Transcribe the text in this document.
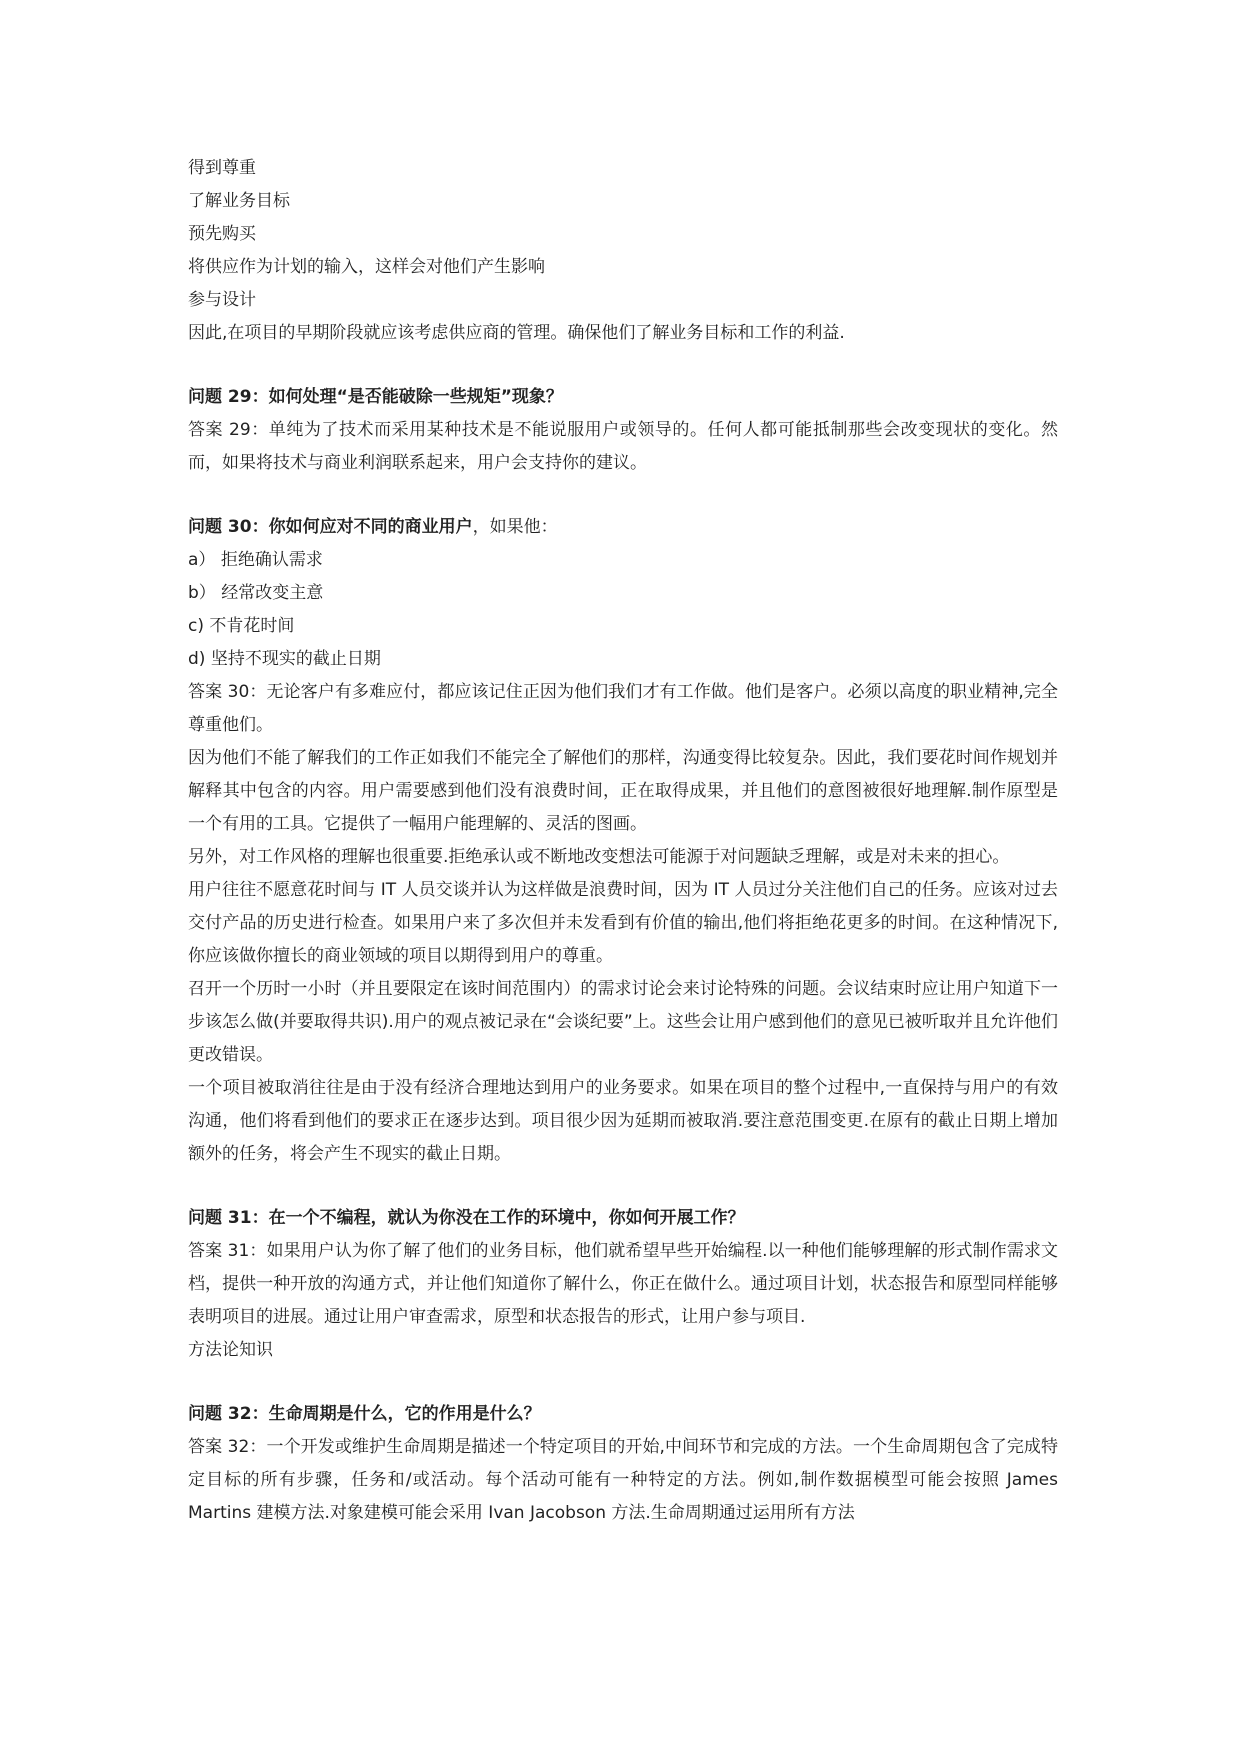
得到尊重

了解业务目标

预先购买

将供应作为计划的输入，这样会对他们产生影响

参与设计

因此,在项目的早期阶段就应该考虑供应商的管理。确保他们了解业务目标和工作的利益.

问题 29：如何处理“是否能破除一些规矩”现象？

答案 29：单纯为了技术而采用某种技术是不能说服用户或领导的。任何人都可能抵制那些会改变现状的变化。然而，如果将技术与商业利润联系起来，用户会支持你的建议。

问题 30：你如何应对不同的商业用户，如果他：

a） 拒绝确认需求

b） 经常改变主意

c) 不肯花时间

d) 坚持不现实的截止日期

答案 30：无论客户有多难应付，都应该记住正因为他们我们才有工作做。他们是客户。必须以高度的职业精神,完全尊重他们。

因为他们不能了解我们的工作正如我们不能完全了解他们的那样，沟通变得比较复杂。因此，我们要花时间作规划并解释其中包含的内容。用户需要感到他们没有浪费时间，正在取得成果，并且他们的意图被很好地理解.制作原型是一个有用的工具。它提供了一幅用户能理解的、灵活的图画。

另外，对工作风格的理解也很重要.拒绝承认或不断地改变想法可能源于对问题缺乏理解，或是对未来的担心。

用户往往不愿意花时间与 IT 人员交谈并认为这样做是浪费时间，因为 IT 人员过分关注他们自己的任务。应该对过去交付产品的历史进行检查。如果用户来了多次但并未发看到有价值的输出,他们将拒绝花更多的时间。在这种情况下,你应该做你擅长的商业领域的项目以期得到用户的尊重。

召开一个历时一小时（并且要限定在该时间范围内）的需求讨论会来讨论特殊的问题。会议结束时应让用户知道下一步该怎么做(并要取得共识).用户的观点被记录在“会谈纪要”上。这些会让用户感到他们的意见已被听取并且允许他们更改错误。

一个项目被取消往往是由于没有经济合理地达到用户的业务要求。如果在项目的整个过程中,一直保持与用户的有效沟通，他们将看到他们的要求正在逐步达到。项目很少因为延期而被取消.要注意范围变更.在原有的截止日期上增加额外的任务，将会产生不现实的截止日期。

问题 31：在一个不编程，就认为你没在工作的环境中，你如何开展工作？

答案 31：如果用户认为你了解了他们的业务目标，他们就希望早些开始编程.以一种他们能够理解的形式制作需求文档，提供一种开放的沟通方式，并让他们知道你了解什么，你正在做什么。通过项目计划，状态报告和原型同样能够表明项目的进展。通过让用户审查需求，原型和状态报告的形式，让用户参与项目.

方法论知识

问题 32：生命周期是什么，它的作用是什么？

答案 32：一个开发或维护生命周期是描述一个特定项目的开始,中间环节和完成的方法。一个生命周期包含了完成特定目标的所有步骤，任务和/或活动。每个活动可能有一种特定的方法。例如,制作数据模型可能会按照 James Martins 建模方法.对象建模可能会采用 Ivan Jacobson 方法.生命周期通过运用所有方法
